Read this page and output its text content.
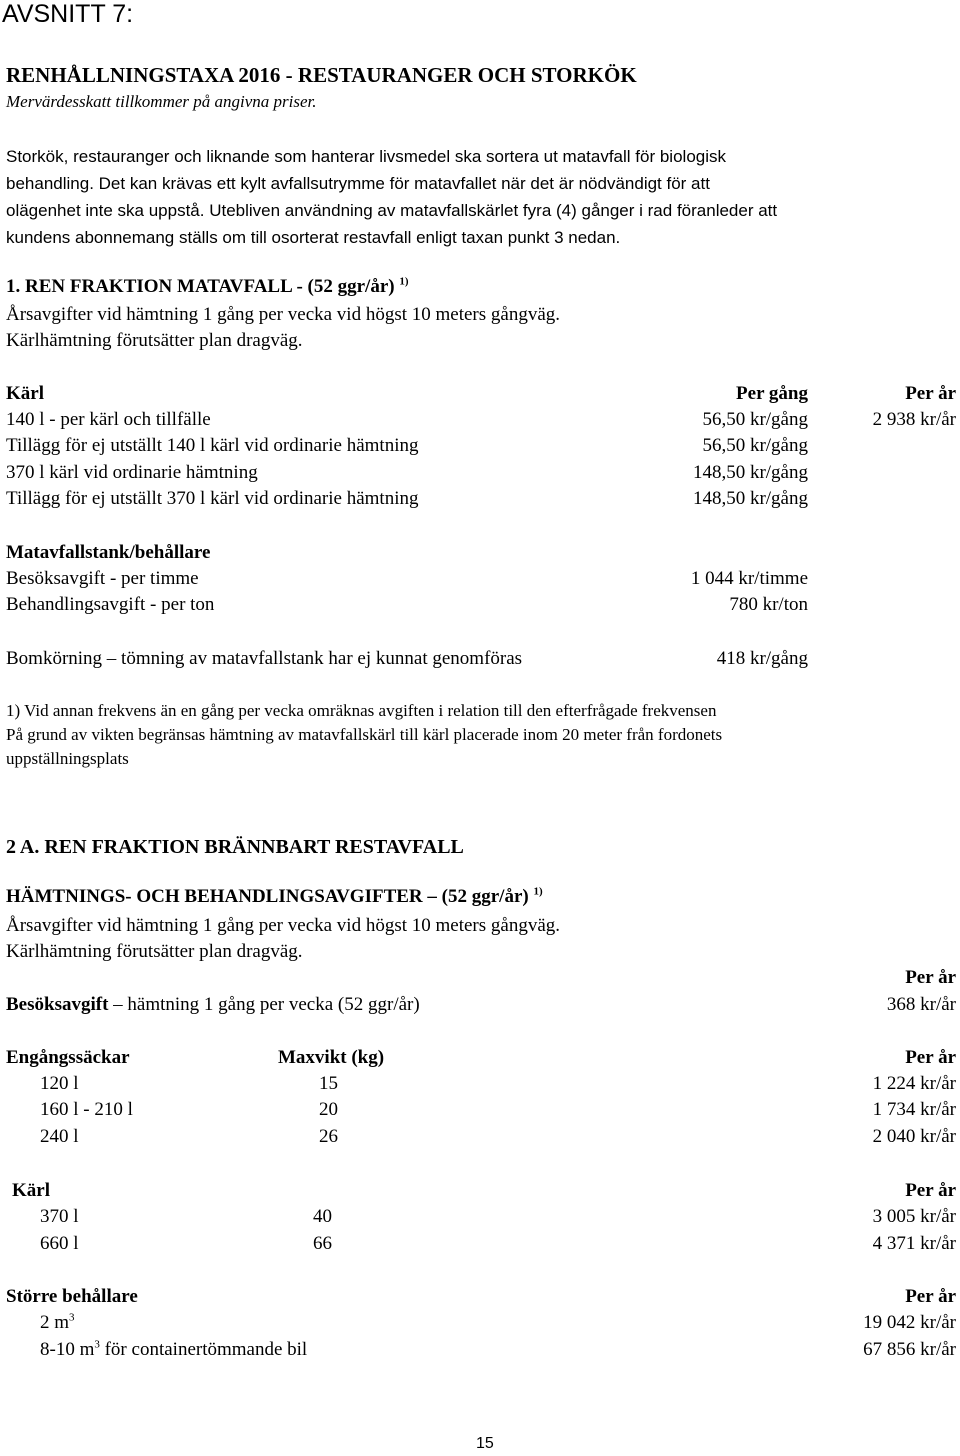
AVSNITT 7:
RENHÅLLNINGSTAXA 2016 - RESTAURANGER OCH STORKÖK
Mervärdesskatt tillkommer på angivna priser.
Storkök, restauranger och liknande som hanterar livsmedel ska sortera ut matavfall för biologisk
behandling. Det kan krävas ett kylt avfallsutrymme för matavfallet när det är nödvändigt för att
olägenhet inte ska uppstå. Utebliven användning av matavfallskärlet fyra (4) gånger i rad föranleder att
kundens abonnemang ställs om till osorterat restavfall enligt taxan punkt 3 nedan.
1. REN FRAKTION MATAVFALL - (52 ggr/år) $^{1)}$
Årsavgifter vid hämtning 1 gång per vecka vid högst 10 meters gångväg.
Kärlhämtning förutsätter plan dragväg.
Kärl	Per gång	Per år
140 l - per kärl och tillfälle	56,50 kr/gång	2 938 kr/år
Tillägg för ej utställt 140 l kärl vid ordinarie hämtning	56,50 kr/gång
370 l kärl vid ordinarie hämtning	148,50 kr/gång
Tillägg för ej utställt 370 l kärl vid ordinarie hämtning	148,50 kr/gång
Matavfallstank/behållare
Besöksavgift - per timme	1 044 kr/timme
Behandlingsavgift - per ton	780 kr/ton
Bomkörning – tömning av matavfallstank har ej kunnat genomföras	418 kr/gång
1) Vid annan frekvens än en gång per vecka omräknas avgiften i relation till den efterfrågade frekvensen
På grund av vikten begränsas hämtning av matavfallskärl till kärl placerade inom 20 meter från fordonets
uppställningsplats
2 A. REN FRAKTION BRÄNNBART RESTAVFALL
HÄMTNINGS- OCH BEHANDLINGSAVGIFTER – (52 ggr/år) $^{1)}$
Årsavgifter vid hämtning 1 gång per vecka vid högst 10 meters gångväg.
Kärlhämtning förutsätter plan dragväg.
Per år
Besöksavgift – hämtning 1 gång per vecka (52 ggr/år)	368 kr/år
Engångssäckar	Maxvikt (kg)	Per år
120 l	15	1 224 kr/år
160 l - 210 l	20	1 734 kr/år
240 l	26	2 040 kr/år
Kärl	Per år
370 l	40	3 005 kr/år
660 l	66	4 371 kr/år
Större behållare	Per år
2 $m^3$	19 042 kr/år
8-10 $m^3$ för containertömmande bil	67 856 kr/år
15
